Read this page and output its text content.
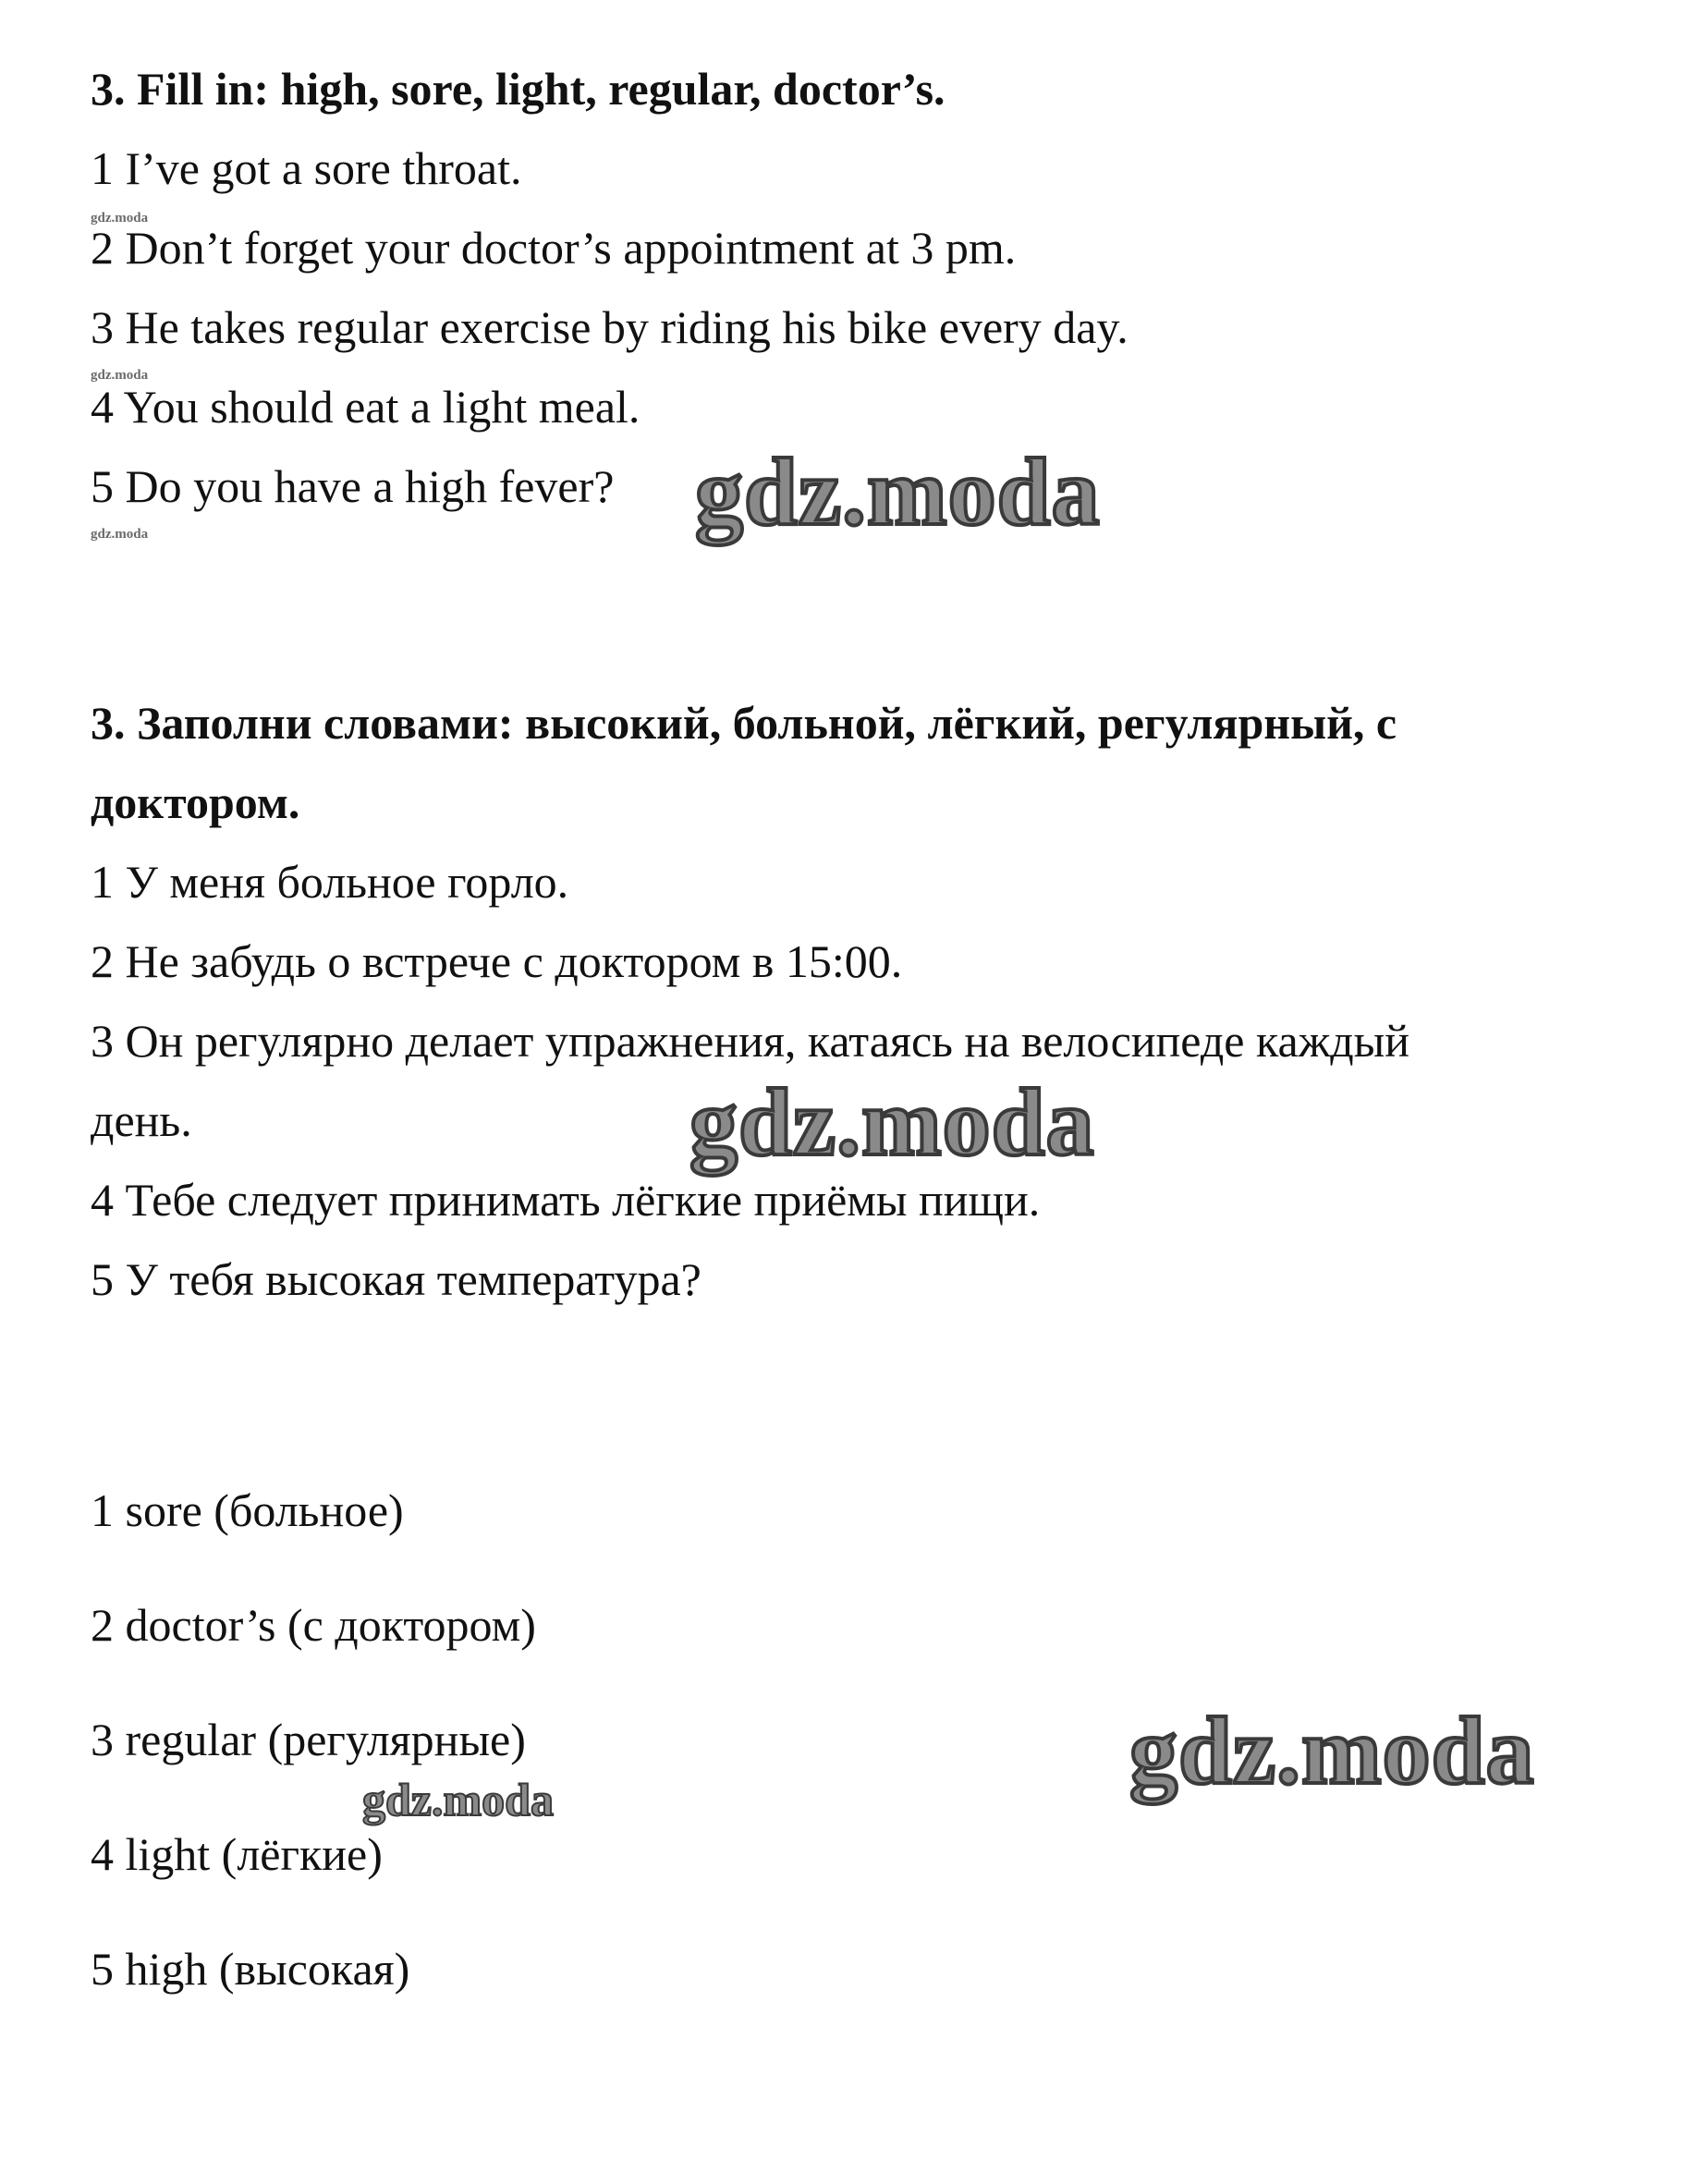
3. Fill in: high, sore, light, regular, doctor’s.
1 I’ve got a sore throat.
gdz.moda
2 Don’t forget your doctor’s appointment at 3 pm.
3 He takes regular exercise by riding his bike every day.
gdz.moda
4 You should eat a light meal.
5 Do you have a high fever? gdz.moda
gdz.moda
3. Заполни словами: высокий, больной, лёгкий, регулярный, с
доктором.
1 У меня больное горло.
2 Не забудь о встрече с доктором в 15:00.
3 Он регулярно делает упражнения, катаясь на велосипеде каждый
день.	gdz.moda
4 Тебе следует принимать лёгкие приёмы пищи.
5 У тебя высокая температура?
1 sore (больное)
2 doctor’s (с доктором)
3 regular (регулярные)	gdz.moda
gdz.moda
4 light (лёгкие)
5 high (высокая)
